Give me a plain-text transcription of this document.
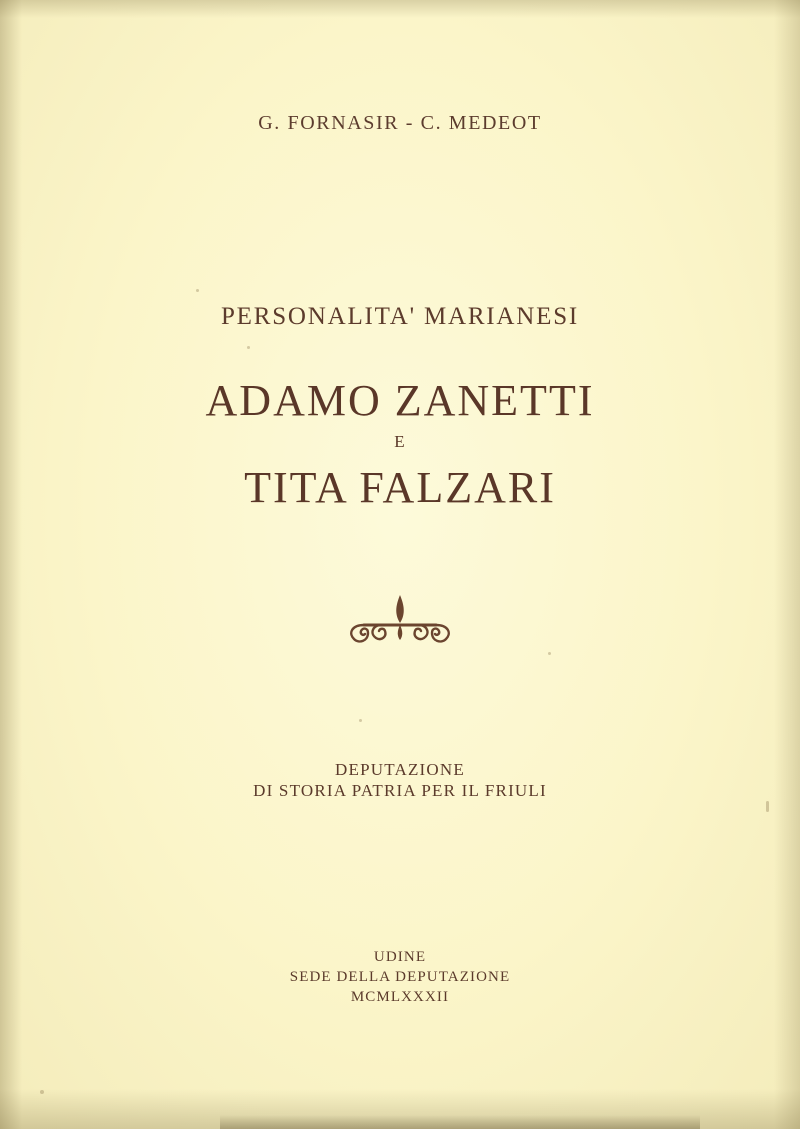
G. FORNASIR - C. MEDEOT
PERSONALITA' MARIANESI
ADAMO ZANETTI
E
TITA FALZARI
DEPUTAZIONE
DI STORIA PATRIA PER IL FRIULI
UDINE
SEDE DELLA DEPUTAZIONE
MCMLXXXII
